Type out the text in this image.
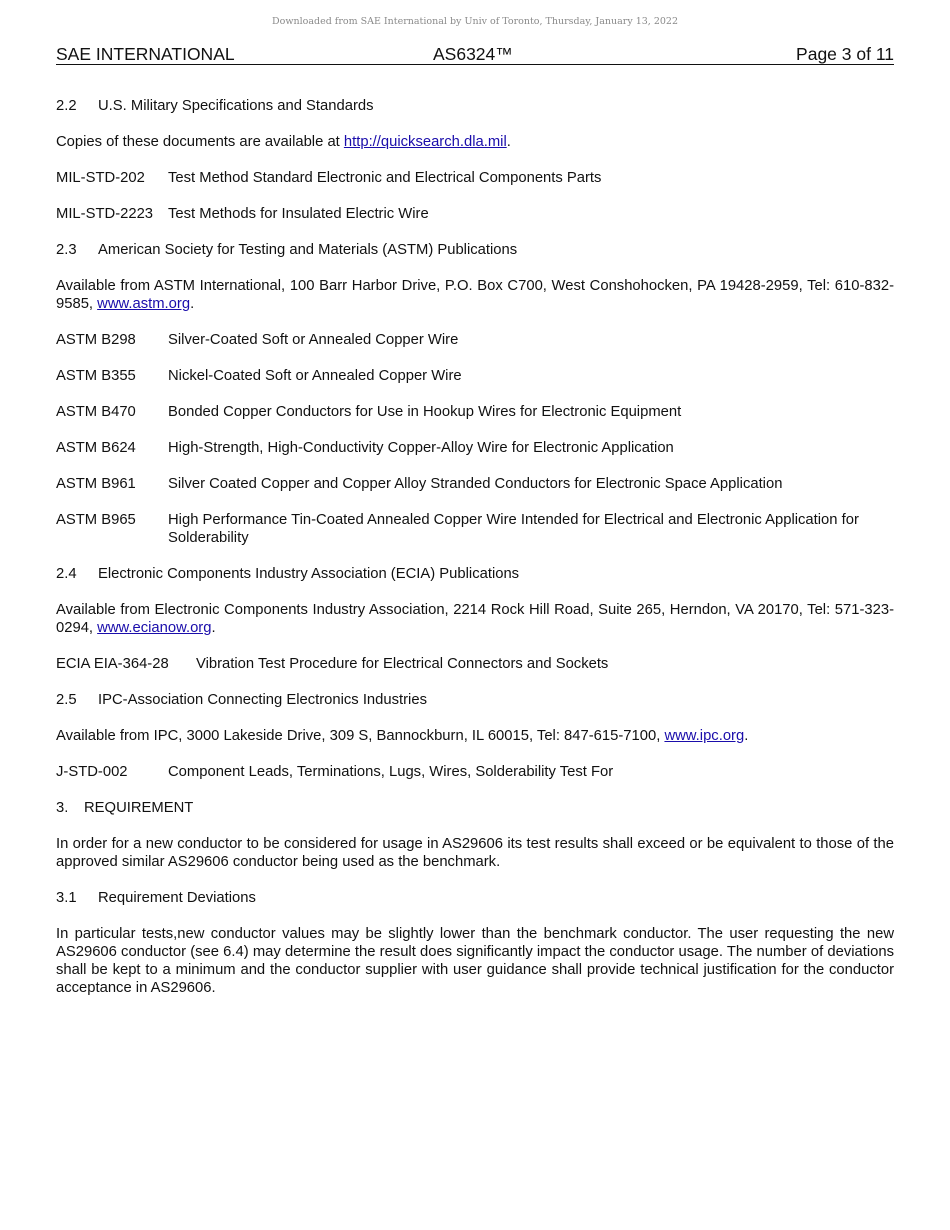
Downloaded from SAE International by Univ of Toronto, Thursday, January 13, 2022
SAE INTERNATIONAL	AS6324™	Page 3 of 11
2.2 U.S. Military Specifications and Standards

Copies of these documents are available at http://quicksearch.dla.mil.

MIL-STD-202	Test Method Standard Electronic and Electrical Components Parts
MIL-STD-2223	Test Methods for Insulated Electric Wire
2.3 American Society for Testing and Materials (ASTM) Publications

Available from ASTM International, 100 Barr Harbor Drive, P.O. Box C700, West Conshohocken, PA 19428-2959, Tel: 610-832-9585, www.astm.org.

ASTM B298	Silver-Coated Soft or Annealed Copper Wire
ASTM B355	Nickel-Coated Soft or Annealed Copper Wire
ASTM B470	Bonded Copper Conductors for Use in Hookup Wires for Electronic Equipment
ASTM B624	High-Strength, High-Conductivity Copper-Alloy Wire for Electronic Application
ASTM B961	Silver Coated Copper and Copper Alloy Stranded Conductors for Electronic Space Application
ASTM B965	High Performance Tin-Coated Annealed Copper Wire Intended for Electrical and Electronic Application for Solderability
2.4 Electronic Components Industry Association (ECIA) Publications

Available from Electronic Components Industry Association, 2214 Rock Hill Road, Suite 265, Herndon, VA 20170, Tel: 571-323-0294, www.ecianow.org.

ECIA EIA-364-28	Vibration Test Procedure for Electrical Connectors and Sockets
2.5 IPC-Association Connecting Electronics Industries

Available from IPC, 3000 Lakeside Drive, 309 S, Bannockburn, IL 60015, Tel: 847-615-7100, www.ipc.org.

J-STD-002	Component Leads, Terminations, Lugs, Wires, Solderability Test For
3. REQUIREMENT

In order for a new conductor to be considered for usage in AS29606 its test results shall exceed or be equivalent to those of the approved similar AS29606 conductor being used as the benchmark.

3.1 Requirement Deviations

In particular tests,new conductor values may be slightly lower than the benchmark conductor. The user requesting the new AS29606 conductor (see 6.4) may determine the result does significantly impact the conductor usage. The number of deviations shall be kept to a minimum and the conductor supplier with user guidance shall provide technical justification for the conductor acceptance in AS29606.
